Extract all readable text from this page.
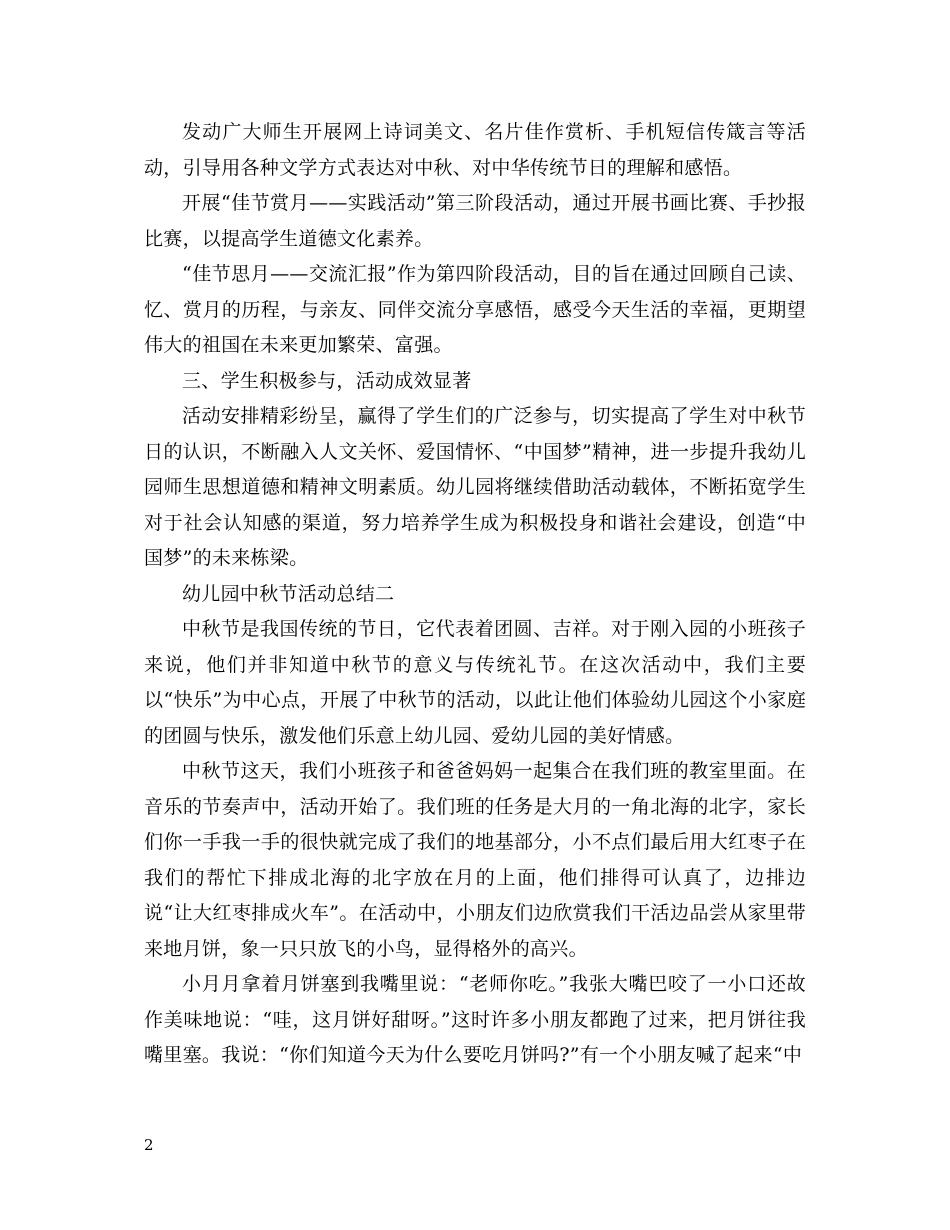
发动广大师生开展网上诗词美文、名片佳作赏析、手机短信传箴言等活动，引导用各种文学方式表达对中秋、对中华传统节日的理解和感悟。

开展“佳节赏月——实践活动”第三阶段活动，通过开展书画比赛、手抄报比赛，以提高学生道德文化素养。

“佳节思月——交流汇报”作为第四阶段活动，目的旨在通过回顾自己读、忆、赏月的历程，与亲友、同伴交流分享感悟，感受今天生活的幸福，更期望伟大的祖国在未来更加繁荣、富强。

三、学生积极参与，活动成效显著

活动安排精彩纷呈，赢得了学生们的广泛参与，切实提高了学生对中秋节日的认识，不断融入人文关怀、爱国情怀、“中国梦”精神，进一步提升我幼儿园师生思想道德和精神文明素质。幼儿园将继续借助活动载体，不断拓宽学生对于社会认知感的渠道，努力培养学生成为积极投身和谐社会建设，创造“中国梦”的未来栋梁。

幼儿园中秋节活动总结二

中秋节是我国传统的节日，它代表着团圆、吉祥。对于刚入园的小班孩子来说，他们并非知道中秋节的意义与传统礼节。在这次活动中，我们主要以“快乐”为中心点，开展了中秋节的活动，以此让他们体验幼儿园这个小家庭的团圆与快乐，激发他们乐意上幼儿园、爱幼儿园的美好情感。

中秋节这天，我们小班孩子和爸爸妈妈一起集合在我们班的教室里面。在音乐的节奏声中，活动开始了。我们班的任务是大月的一角北海的北字，家长们你一手我一手的很快就完成了我们的地基部分，小不点们最后用大红枣子在我们的帮忙下排成北海的北字放在月的上面，他们排得可认真了，边排边说“让大红枣排成火车”。在活动中，小朋友们边欣赏我们干活边品尝从家里带来地月饼，象一只只放飞的小鸟，显得格外的高兴。

小月月拿着月饼塞到我嘴里说：“老师你吃。”我张大嘴巴咬了一小口还故作美味地说：“哇，这月饼好甜呀。”这时许多小朋友都跑了过来，把月饼往我嘴里塞。我说：“你们知道今天为什么要吃月饼吗?”有一个小朋友喊了起来“中

2
